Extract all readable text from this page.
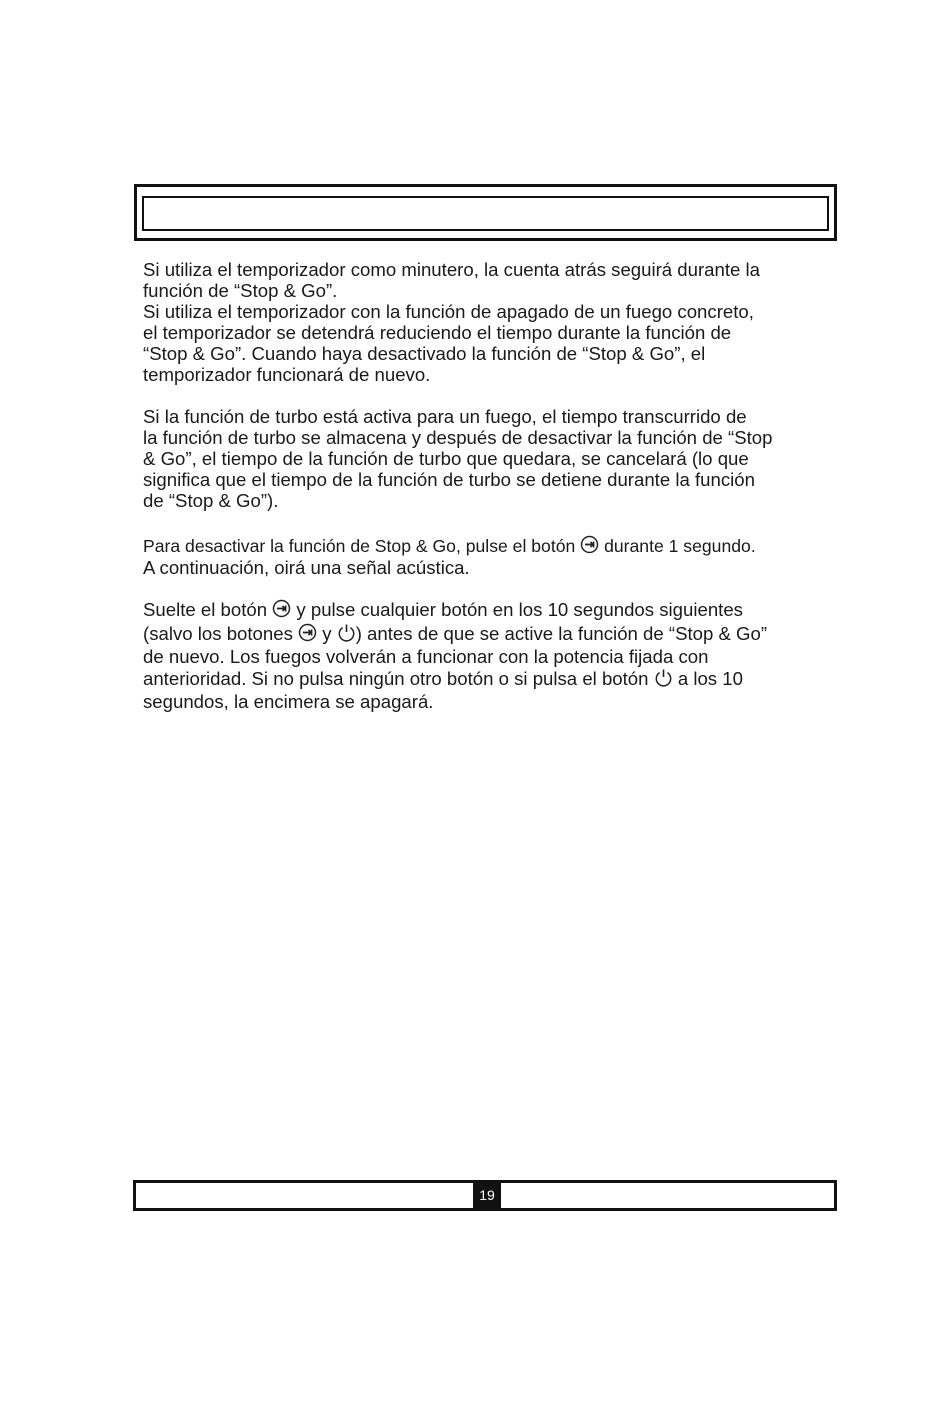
Si utiliza el temporizador como minutero, la cuenta atrás seguirá durante la

función de “Stop & Go”.

Si utiliza el temporizador con la función de apagado de un fuego concreto,

el temporizador se detendrá reduciendo el tiempo durante la función de

“Stop & Go”. Cuando haya desactivado la función de “Stop & Go”, el

temporizador funcionará de nuevo.

Si la función de turbo está activa para un fuego, el tiempo transcurrido de

la función de turbo se almacena y después de desactivar la función de “Stop

& Go”, el tiempo de la función de turbo que quedara, se cancelará (lo que

significa que el tiempo de la función de turbo se detiene durante la función

de “Stop & Go”).

Para desactivar la función de Stop & Go, pulse el botón durante 1 segundo.

A continuación, oirá una señal acústica.

Suelte el botón y pulse cualquier botón en los 10 segundos siguientes

(salvo los botones y ) antes de que se active la función de “Stop & Go”

de nuevo. Los fuegos volverán a funcionar con la potencia fijada con

anterioridad. Si no pulsa ningún otro botón o si pulsa el botón a los 10

segundos, la encimera se apagará.

19
